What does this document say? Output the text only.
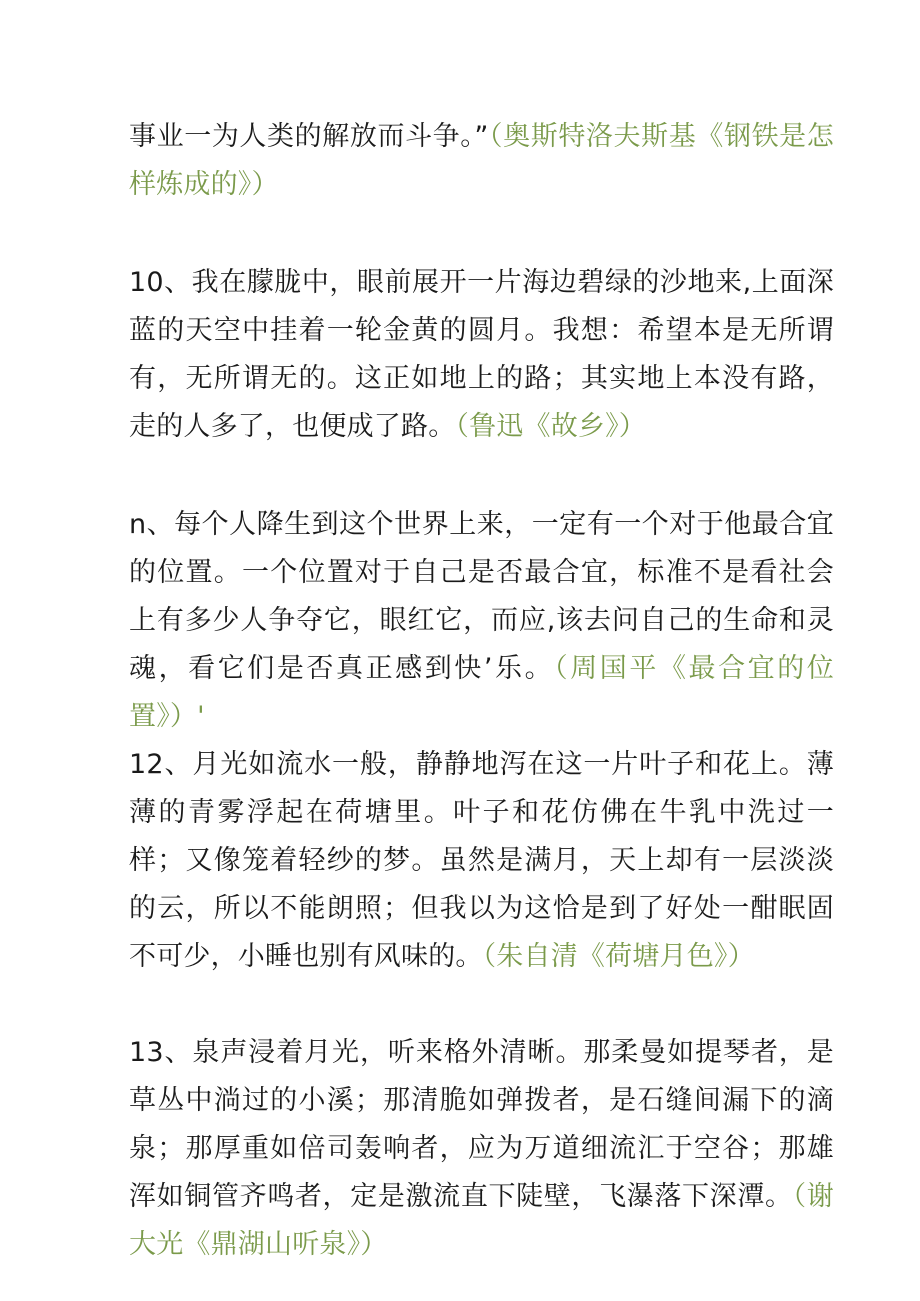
事业一为人类的解放而斗争。”（奥斯特洛夫斯基《钢铁是怎样炼成的》）

10、我在朦胧中，眼前展开一片海边碧绿的沙地来,上面深蓝的天空中挂着一轮金黄的圆月。我想：希望本是无所谓有，无所谓无的。这正如地上的路；其实地上本没有路，走的人多了，也便成了路。（鲁迅《故乡》）

n、每个人降生到这个世界上来，一定有一个对于他最合宜的位置。一个位置对于自己是否最合宜，标准不是看社会上有多少人争夺它，眼红它，而应,该去问自己的生命和灵魂，看它们是否真正感到快’乐。（周国平《最合宜的位置》）'

12、月光如流水一般，静静地泻在这一片叶子和花上。薄薄的青雾浮起在荷塘里。叶子和花仿佛在牛乳中洗过一样；又像笼着轻纱的梦。虽然是满月，天上却有一层淡淡的云，所以不能朗照；但我以为这恰是到了好处一酣眠固不可少，小睡也别有风味的。（朱自清《荷塘月色》）

13、泉声浸着月光，听来格外清晰。那柔曼如提琴者，是草丛中淌过的小溪；那清脆如弹拨者，是石缝间漏下的滴泉；那厚重如倍司轰响者，应为万道细流汇于空谷；那雄浑如铜管齐鸣者，定是激流直下陡壁，飞瀑落下深潭。（谢大光《鼎湖山听泉》）
